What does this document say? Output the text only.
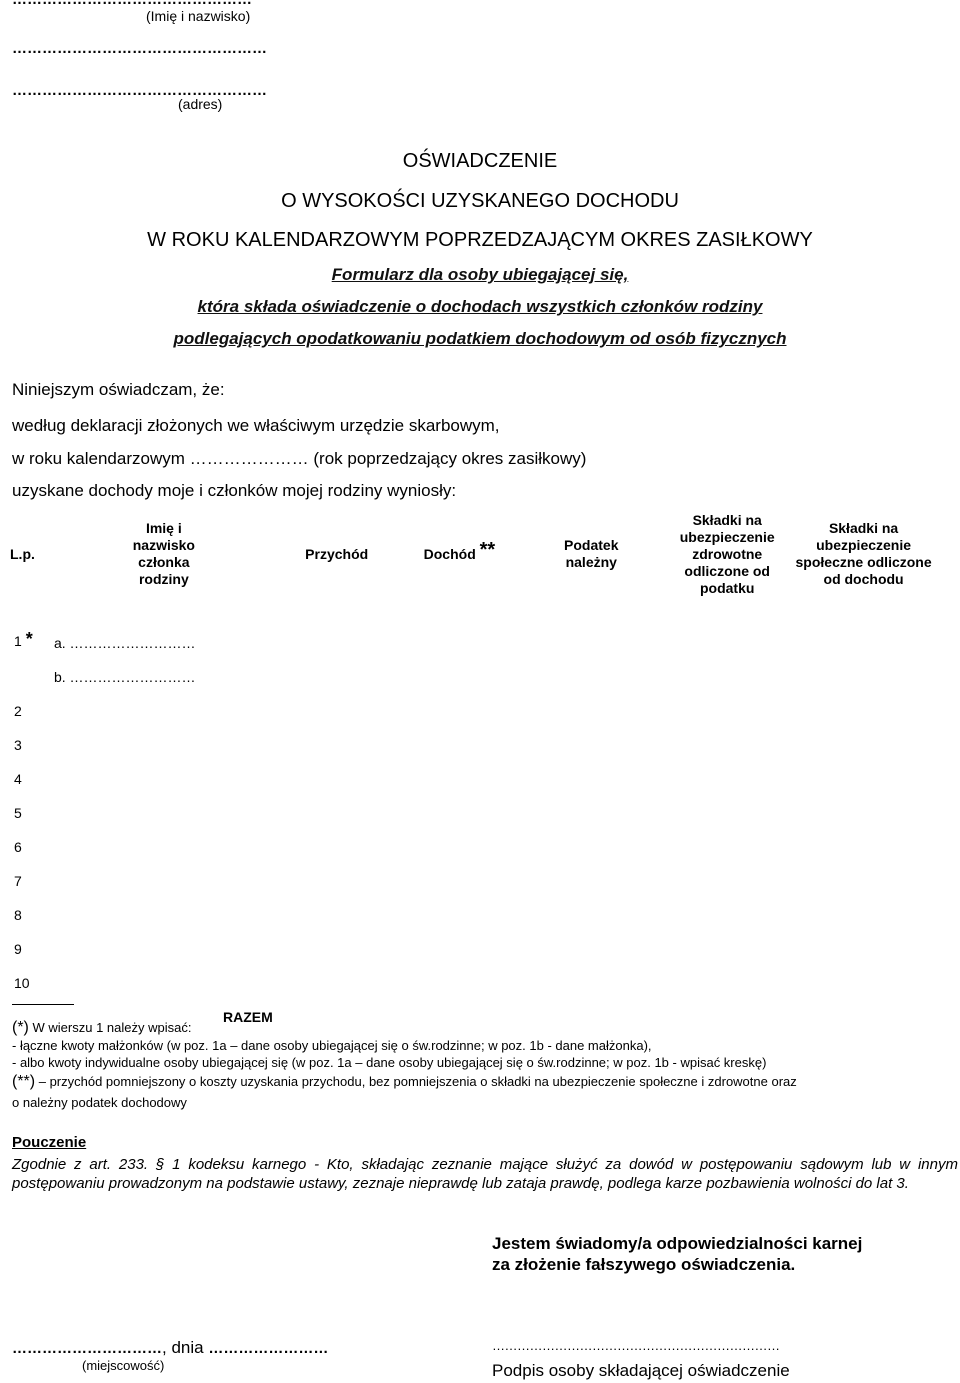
(Imię i nazwisko)
……………………………………………
……………………………………………
(adres)
OŚWIADCZENIE
O WYSOKOŚCI UZYSKANEGO DOCHODU
W ROKU KALENDARZOWYM POPRZEDZAJĄCYM OKRES ZASIŁKOWY
Formularz dla osoby ubiegającej się,
która składa oświadczenie o dochodach wszystkich członków rodziny
podlegających opodatkowaniu podatkiem dochodowym od osób fizycznych
Niniejszym oświadczam, że:
według deklaracji złożonych we właściwym urzędzie skarbowym,
w roku kalendarzowym ………………… (rok poprzedzający okres zasiłkowy)
uzyskane dochody moje i członków mojej rodziny wyniosły:
L.p.	Imię i nazwisko członka rodziny	Przychód	Dochód **	Podatek należny	Składki na ubezpieczenie zdrowotne odliczone od podatku	Składki na ubezpieczenie społeczne odliczone od dochodu

1 *	a. ………………………					
	b. ………………………					
2						
3						
4						
5						
6						
7						
8						
9						
10						
	RAZEM					
(*) W wierszu 1 należy wpisać:
- łączne kwoty małżonków (w poz. 1a – dane osoby ubiegającej się o św.rodzinne; w poz. 1b - dane małżonka),
- albo kwoty indywidualne osoby ubiegającej się (w poz. 1a – dane osoby ubiegającej się o św.rodzinne; w poz. 1b - wpisać kreskę)
(**) – przychód pomniejszony o koszty uzyskania przychodu, bez pomniejszenia o składki na ubezpieczenie społeczne i zdrowotne oraz
o należny podatek dochodowy
Pouczenie
Zgodnie z art. 233. § 1 kodeksu karnego - Kto, składając zeznanie mające służyć za dowód w postępowaniu sądowym lub w innym postępowaniu prowadzonym na podstawie ustawy, zeznaje nieprawdę lub zataja prawdę, podlega karze pozbawienia wolności do lat 3.
Jestem świadomy/a odpowiedzialności karnej
za złożenie fałszywego oświadczenia.
…………………………, dnia ……………………
(miejscowość)
……………………………………………………………
Podpis osoby składającej oświadczenie
